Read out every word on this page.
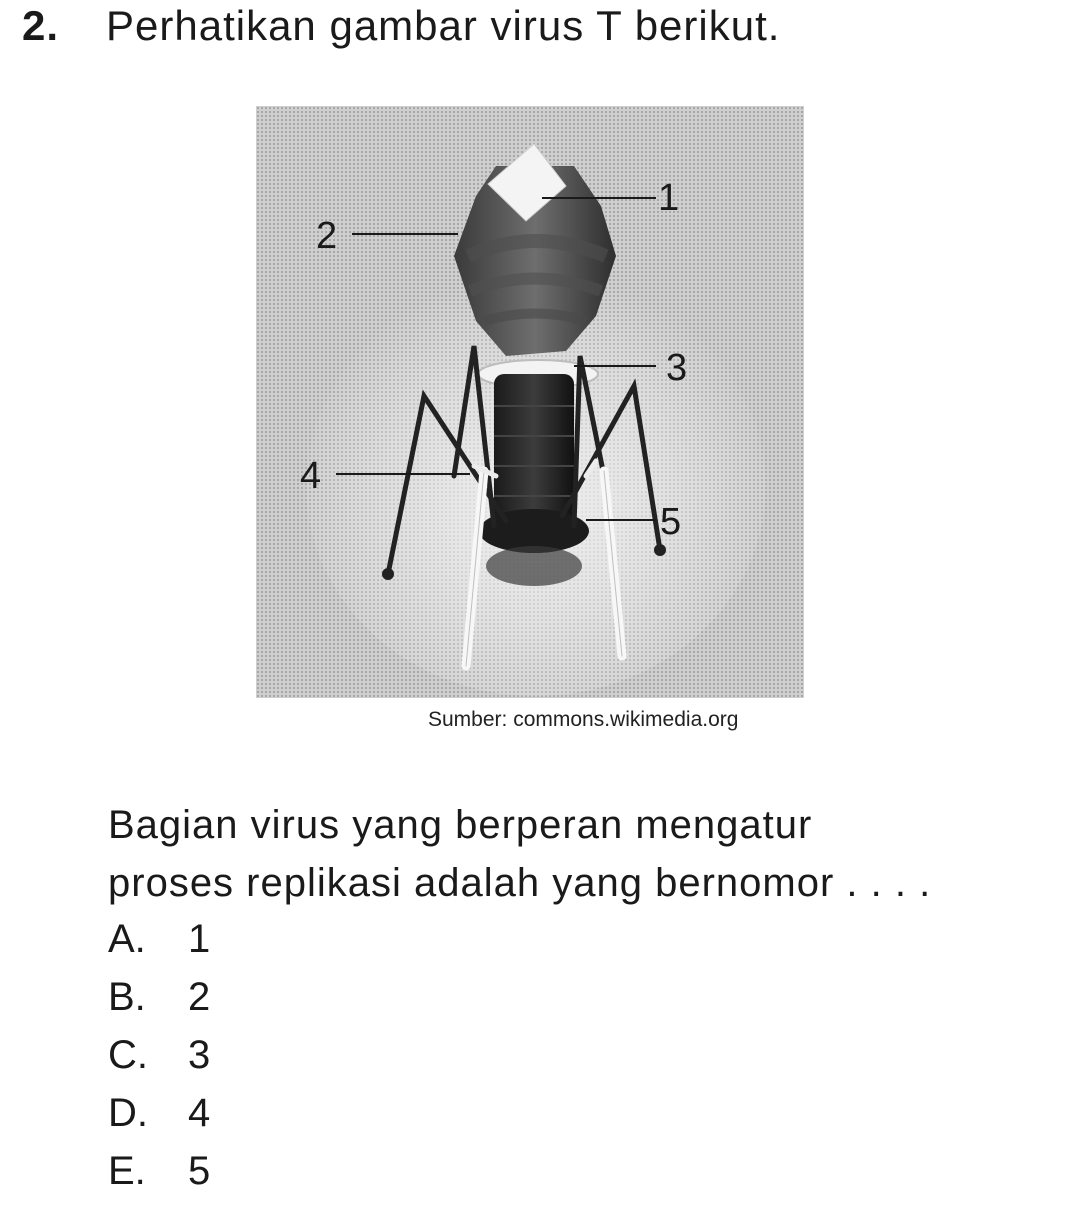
2. Perhatikan gambar virus T berikut.
1
2
3
4
5
Sumber: commons.wikimedia.org
Bagian virus yang berperan mengatur
proses replikasi adalah yang bernomor . . . .
A.	1
B.	2
C.	3
D.	4
E.	5
